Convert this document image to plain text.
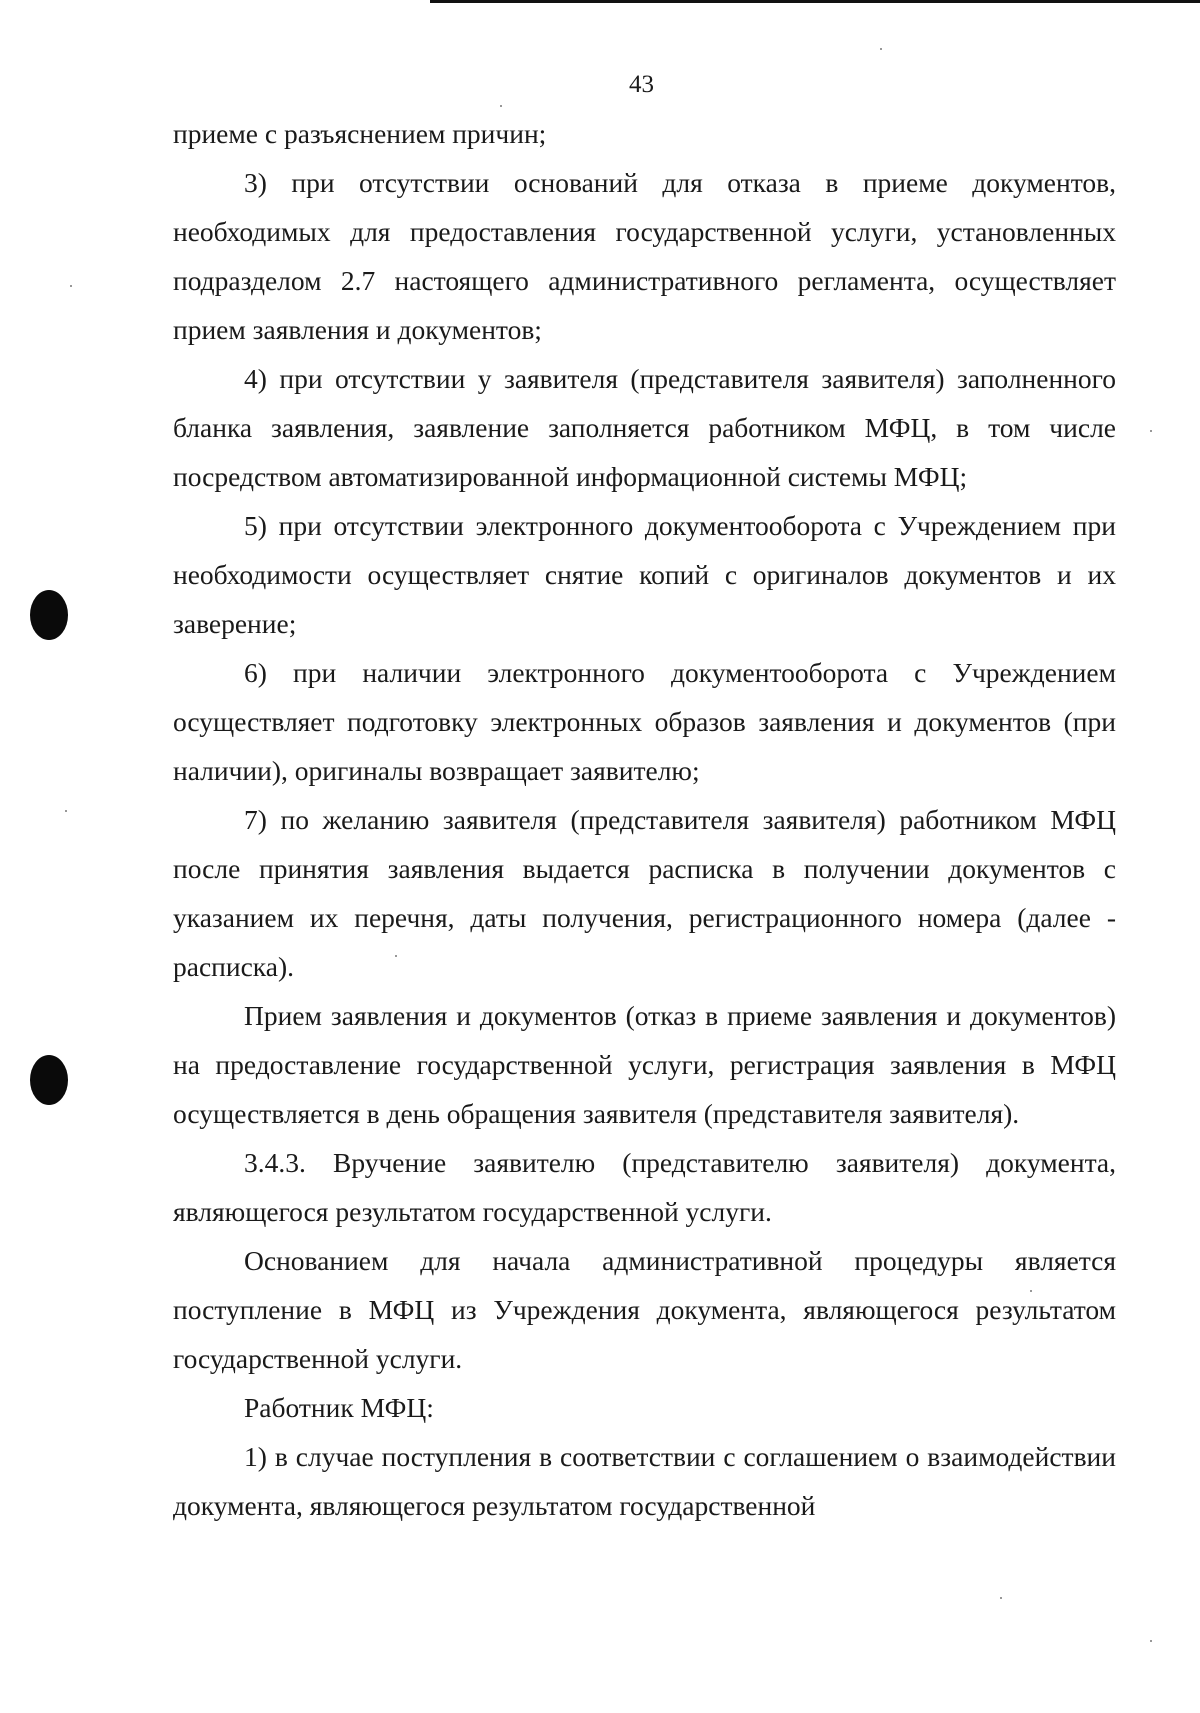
43

приеме с разъяснением причин;

3) при отсутствии оснований для отказа в приеме документов, необходимых для предоставления государственной услуги, установленных подразделом 2.7 настоящего административного регламента, осуществляет прием заявления и документов;

4) при отсутствии у заявителя (представителя заявителя) заполненного бланка заявления, заявление заполняется работником МФЦ, в том числе посредством автоматизированной информационной системы МФЦ;

5) при отсутствии электронного документооборота с Учреждением при необходимости осуществляет снятие копий с оригиналов документов и их заверение;

6) при наличии электронного документооборота с Учреждением осуществляет подготовку электронных образов заявления и документов (при наличии), оригиналы возвращает заявителю;

7) по желанию заявителя (представителя заявителя) работником МФЦ после принятия заявления выдается расписка в получении документов с указанием их перечня, даты получения, регистрационного номера (далее - расписка).

Прием заявления и документов (отказ в приеме заявления и документов) на предоставление государственной услуги, регистрация заявления в МФЦ осуществляется в день обращения заявителя (представителя заявителя).

3.4.3. Вручение заявителю (представителю заявителя) документа, являющегося результатом государственной услуги.

Основанием для начала административной процедуры является поступление в МФЦ из Учреждения документа, являющегося результатом государственной услуги.

Работник МФЦ:

1) в случае поступления в соответствии с соглашением о взаимодействии документа, являющегося результатом государственной
